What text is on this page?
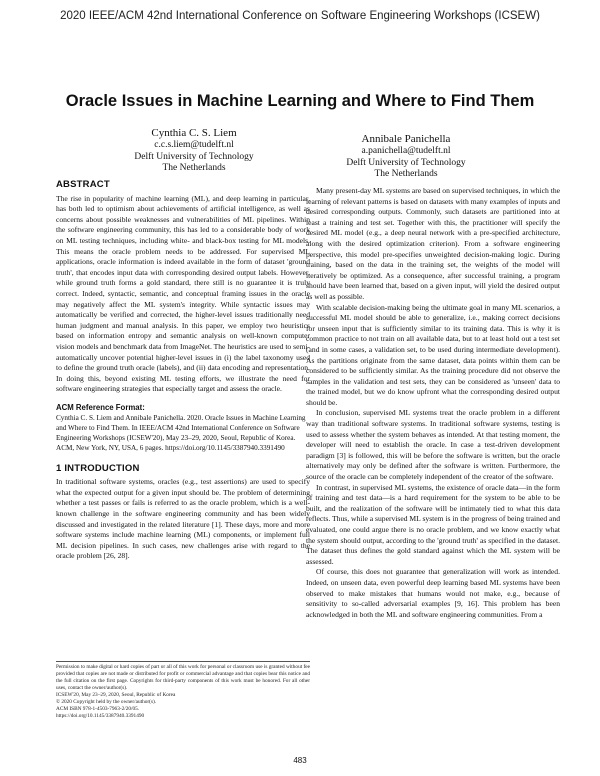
2020 IEEE/ACM 42nd International Conference on Software Engineering Workshops (ICSEW)
Oracle Issues in Machine Learning and Where to Find Them
Cynthia C. S. Liem
c.c.s.liem@tudelft.nl
Delft University of Technology
The Netherlands
Annibale Panichella
a.panichella@tudelft.nl
Delft University of Technology
The Netherlands
ABSTRACT

The rise in popularity of machine learning (ML), and deep learning in particular, has both led to optimism about achievements of artificial intelligence, as well as concerns about possible weaknesses and vulnerabilities of ML pipelines. Within the software engineering community, this has led to a considerable body of work on ML testing techniques, including white- and black-box testing for ML models. This means the oracle problem needs to be addressed. For supervised ML applications, oracle information is indeed available in the form of dataset 'ground truth', that encodes input data with corresponding desired output labels. However, while ground truth forms a gold standard, there still is no guarantee it is truly correct. Indeed, syntactic, semantic, and conceptual framing issues in the oracle may negatively affect the ML system's integrity. While syntactic issues may automatically be verified and corrected, the higher-level issues traditionally need human judgment and manual analysis. In this paper, we employ two heuristics based on information entropy and semantic analysis on well-known computer vision models and benchmark data from ImageNet. The heuristics are used to semi-automatically uncover potential higher-level issues in (i) the label taxonomy used to define the ground truth oracle (labels), and (ii) data encoding and representation. In doing this, beyond existing ML testing efforts, we illustrate the need for software engineering strategies that especially target and assess the oracle.

ACM Reference Format:

Cynthia C. S. Liem and Annibale Panichella. 2020. Oracle Issues in Machine Learning and Where to Find Them. In IEEE/ACM 42nd International Conference on Software Engineering Workshops (ICSEW'20), May 23–29, 2020, Seoul, Republic of Korea. ACM, New York, NY, USA, 6 pages. https://doi.org/10.1145/3387940.3391490

1 INTRODUCTION

In traditional software systems, oracles (e.g., test assertions) are used to specify what the expected output for a given input should be. The problem of determining whether a test passes or fails is referred to as the oracle problem, which is a well-known challenge in the software engineering community and has been widely discussed and investigated in the related literature [1]. These days, more and more software systems include machine learning (ML) components, or implement full ML decision pipelines. In such cases, new challenges arise with regard to the oracle problem [26, 28].

Permission to make digital or hard copies of part or all of this work for personal or classroom use is granted without fee provided that copies are not made or distributed for profit or commercial advantage and that copies bear this notice and the full citation on the first page. Copyrights for third-party components of this work must be honored. For all other uses, contact the owner/author(s).

ICSEW'20, May 23–29, 2020, Seoul, Republic of Korea

© 2020 Copyright held by the owner/author(s).

ACM ISBN 978-1-4503-7963-2/20/05.

https://doi.org/10.1145/3387940.3391490

Many present-day ML systems are based on supervised techniques, in which the learning of relevant patterns is based on datasets with many examples of inputs and desired corresponding outputs. Commonly, such datasets are partitioned into at least a training and test set. Together with this, the practitioner will specify the desired ML model (e.g., a deep neural network with a pre-specified architecture, along with the desired optimization criterion). From a software engineering perspective, this model pre-specifies unweighted decision-making logic. During training, based on the data in the training set, the weights of the model will iteratively be optimized. As a consequence, after successful training, a program should have been learned that, based on a given input, will yield the desired output as well as possible.

With scalable decision-making being the ultimate goal in many ML scenarios, a successful ML model should be able to generalize, i.e., making correct decisions for unseen input that is sufficiently similar to its training data. This is why it is common practice to not train on all available data, but to at least hold out a test set (and in some cases, a validation set, to be used during intermediate development). As the partitions originate from the same dataset, data points within them can be considered to be sufficiently similar. As the training procedure did not observe the samples in the validation and test sets, they can be considered as 'unseen' data to the trained model, but we do know upfront what the corresponding desired output should be.

In conclusion, supervised ML systems treat the oracle problem in a different way than traditional software systems. In traditional software systems, testing is used to assess whether the system behaves as intended. At that testing moment, the developer will need to establish the oracle. In case a test-driven development paradigm [3] is followed, this will be before the software is written, but the oracle alternatively may only be defined after the software is written. Furthermore, the source of the oracle can be completely independent of the creator of the software.

In contrast, in supervised ML systems, the existence of oracle data—in the form of training and test data—is a hard requirement for the system to be able to be built, and the realization of the software will be intimately tied to what this data reflects. Thus, while a supervised ML system is in the progress of being trained and evaluated, one could argue there is no oracle problem, and we know exactly what the system should output, according to the 'ground truth' as specified in the dataset. The dataset thus defines the gold standard against which the ML system will be assessed.

Of course, this does not guarantee that generalization will work as intended. Indeed, on unseen data, even powerful deep learning based ML systems have been observed to make mistakes that humans would not make, e.g., because of sensitivity to so-called adversarial examples [9, 16]. This problem has been acknowledged in both the ML and software engineering communities. From a

483
